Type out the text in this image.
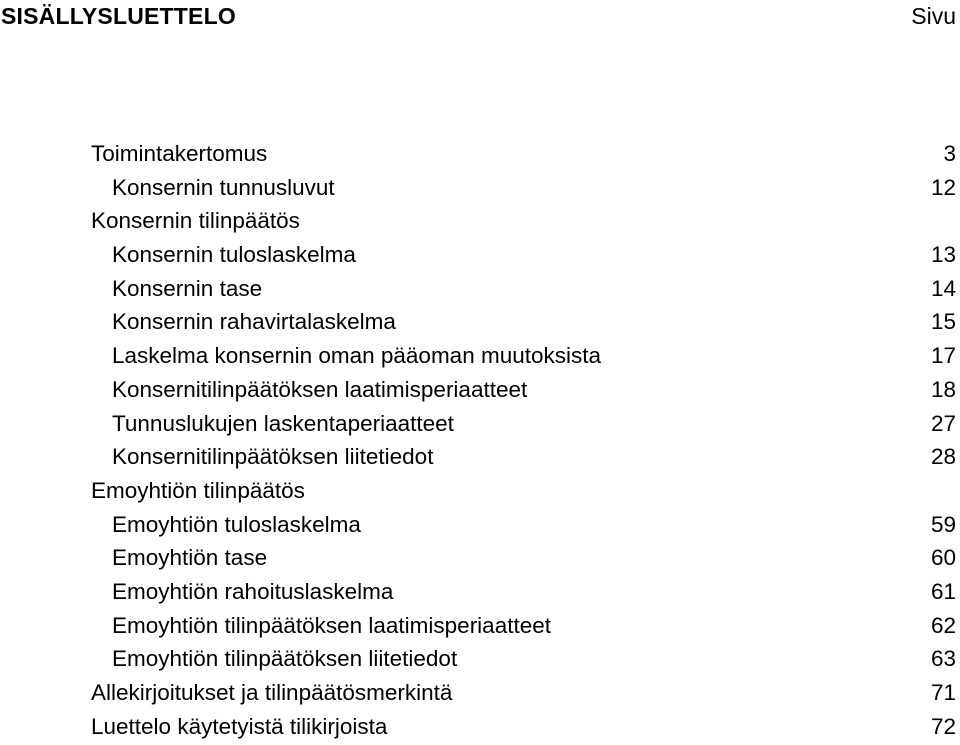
SISÄLLYSLUETTELO	Sivu
Toimintakertomus	3
Konsernin tunnusluvut	12
Konsernin tilinpäätös
Konsernin tuloslaskelma	13
Konsernin tase	14
Konsernin rahavirtalaskelma	15
Laskelma konsernin oman pääoman muutoksista	17
Konsernitilinpäätöksen laatimisperiaatteet	18
Tunnuslukujen laskentaperiaatteet	27
Konsernitilinpäätöksen liitetiedot	28
Emoyhtiön tilinpäätös
Emoyhtiön tuloslaskelma	59
Emoyhtiön tase	60
Emoyhtiön rahoituslaskelma	61
Emoyhtiön tilinpäätöksen laatimisperiaatteet	62
Emoyhtiön tilinpäätöksen liitetiedot	63
Allekirjoitukset ja tilinpäätösmerkintä	71
Luettelo käytetyistä tilikirjoista	72
